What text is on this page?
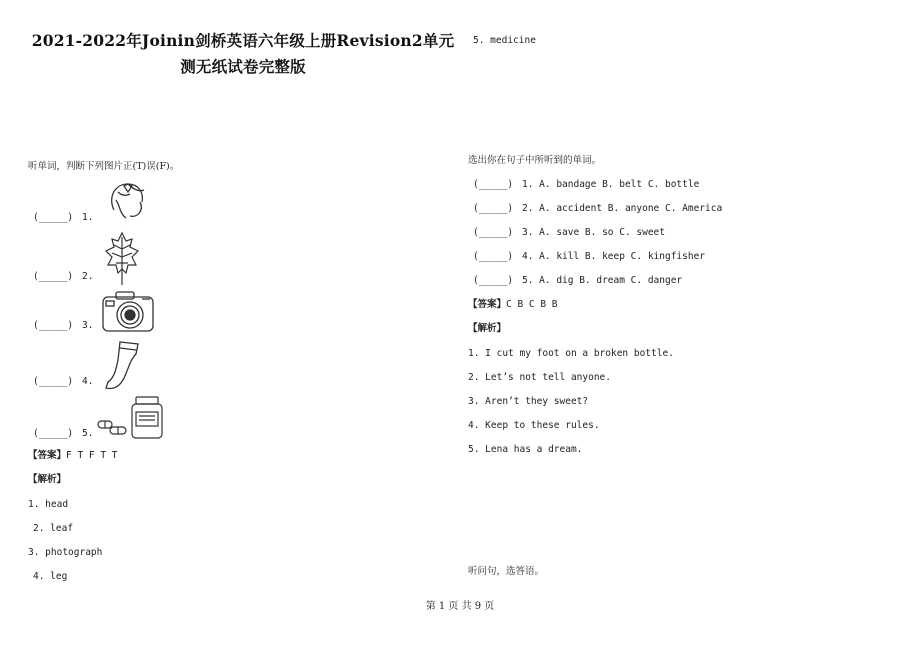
2021-2022年Joinin剑桥英语六年级上册Revision2单元
测无纸试卷完整版
听单词，判断下列图片正(T)误(F)。
(_____) 1.
(_____) 2.
(_____) 3.
(_____) 4.
(_____) 5.
【答案】F T F T T
【解析】
1. head
2. leaf
3. photograph
4. leg
5. medicine
选出你在句子中所听到的单词。
(_____) 1. A. bandage B. belt C. bottle
(_____) 2. A. accident B. anyone C. America
(_____) 3. A. save B. so C. sweet
(_____) 4. A. kill B. keep C. kingfisher
(_____) 5. A. dig B. dream C. danger
【答案】C B C B B
【解析】
1. I cut my foot on a broken bottle.
2. Let’s not tell anyone.
3. Aren’t they sweet?
4. Keep to these rules.
5. Lena has a dream.
听问句，选答语。
第 1 页 共 9 页
